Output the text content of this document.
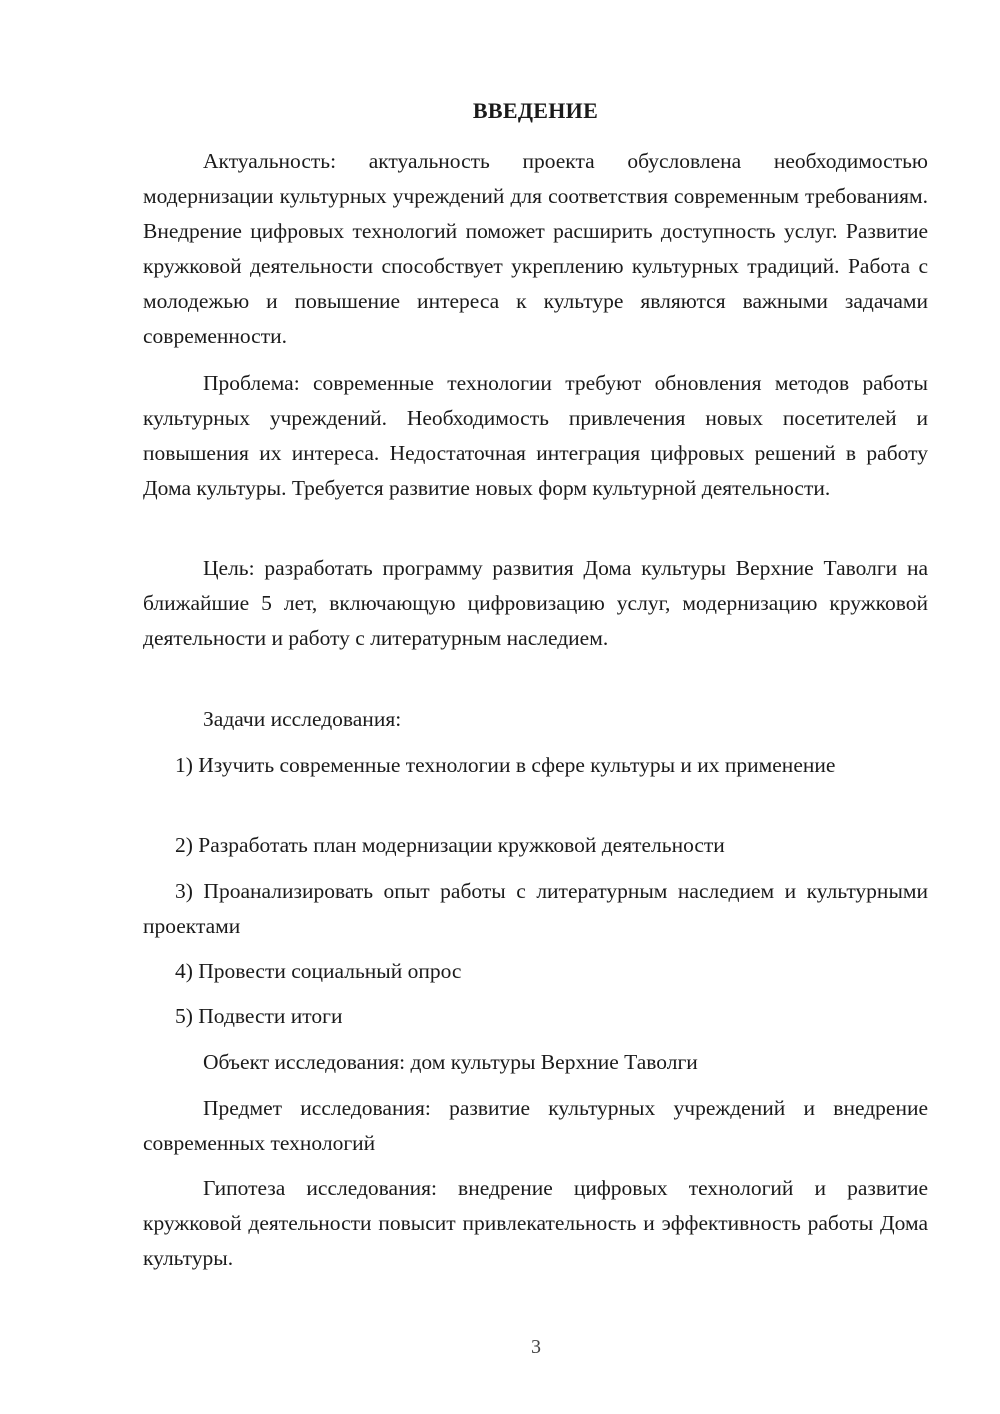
ВВЕДЕНИЕ

Актуальность: актуальность проекта обусловлена необходимостью модернизации культурных учреждений для соответствия современным требованиям. Внедрение цифровых технологий поможет расширить доступность услуг. Развитие кружковой деятельности способствует укреплению культурных традиций. Работа с молодежью и повышение интереса к культуре являются важными задачами современности.

Проблема: современные технологии требуют обновления методов работы культурных учреждений. Необходимость привлечения новых посетителей и повышения их интереса. Недостаточная интеграция цифровых решений в работу Дома культуры. Требуется развитие новых форм культурной деятельности.

Цель: разработать программу развития Дома культуры Верхние Таволги на ближайшие 5 лет, включающую цифровизацию услуг, модернизацию кружковой деятельности и работу с литературным наследием.

Задачи исследования:

1) Изучить современные технологии в сфере культуры и их применение

2) Разработать план модернизации кружковой деятельности

3) Проанализировать опыт работы с литературным наследием и культурными проектами

4) Провести социальный опрос

5) Подвести итоги

Объект исследования: дом культуры Верхние Таволги

Предмет исследования: развитие культурных учреждений и внедрение современных технологий

Гипотеза исследования: внедрение цифровых технологий и развитие кружковой деятельности повысит привлекательность и эффективность работы Дома культуры.

3
